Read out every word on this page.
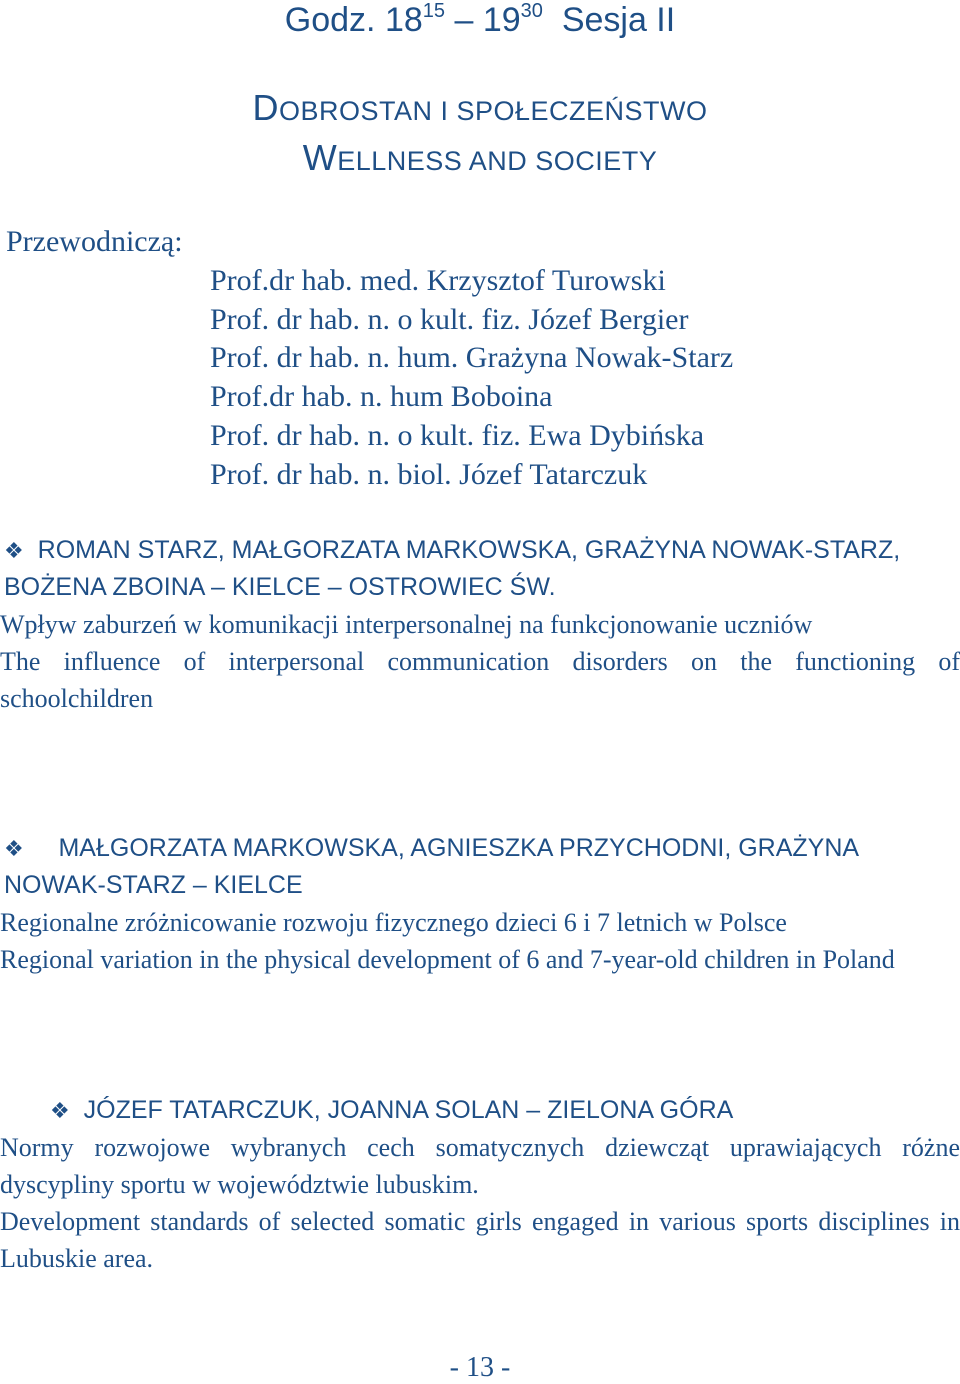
Godz. $18^{15} - 19^{30}$ Sesja II
DOBROSTAN I SPOŁECZEŃSTWO
WELLNESS AND SOCIETY
Przewodniczą:
Prof.dr hab. med. Krzysztof Turowski
Prof. dr hab. n. o kult. fiz. Józef Bergier
Prof. dr hab. n. hum. Grażyna Nowak-Starz
Prof.dr hab. n. hum Boboina
Prof. dr hab. n. o kult. fiz. Ewa Dybińska
Prof. dr hab. n. biol. Józef Tatarczuk
❖ ROMAN STARZ, MAŁGORZATA MARKOWSKA, GRAŻYNA NOWAK-STARZ, BOŻENA ZBOINA – KIELCE – OSTROWIEC ŚW.
Wpływ zaburzeń w komunikacji interpersonalnej na funkcjonowanie uczniów
The influence of interpersonal communication disorders on the functioning of schoolchildren
❖ MAŁGORZATA MARKOWSKA, AGNIESZKA PRZYCHODNI, GRAŻYNA NOWAK-STARZ – KIELCE
Regionalne zróżnicowanie rozwoju fizycznego dzieci 6 i 7 letnich w Polsce
Regional variation in the physical development of 6 and 7-year-old children in Poland
❖ JÓZEF TATARCZUK, JOANNA SOLAN – ZIELONA GÓRA
Normy rozwojowe wybranych cech somatycznych dziewcząt uprawiających różne dyscypliny sportu w województwie lubuskim.
Development standards of selected somatic girls engaged in various sports disciplines in Lubuskie area.
- 13 -
